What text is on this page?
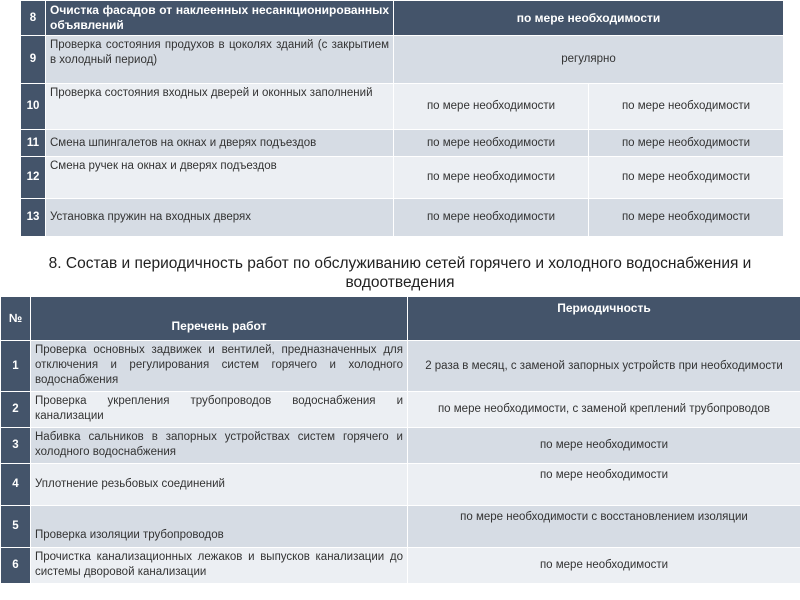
8	Очистка фасадов от наклеенных несанкционированных объявлений	по мере необходимости	
9	Проверка состояния продухов в цоколях зданий (с закрытием в холодный период)	регулярно	
10	Проверка состояния входных дверей и оконных заполнений	по мере необходимости	по мере необходимости
11	Смена шпингалетов на окнах и дверях подъездов	по мере необходимости	по мере необходимости
12	Смена ручек на окнах и дверях подъездов	по мере необходимости	по мере необходимости
13	Установка пружин на входных дверях	по мере необходимости	по мере необходимости
8. Состав и периодичность работ по обслуживанию сетей горячего и холодного водоснабжения и водоотведения
№	Перечень работ	Периодичность
1	Проверка основных задвижек и вентилей, предназначенных для отключения и регулирования систем горячего и холодного водоснабжения	2 раза в месяц, с заменой запорных устройств при необходимости
2	Проверка укрепления трубопроводов водоснабжения и канализации	по мере необходимости, с заменой креплений трубопроводов
3	Набивка сальников в запорных устройствах систем горячего и холодного водоснабжения	по мере необходимости
4	Уплотнение резьбовых соединений	по мере необходимости
5	Проверка изоляции трубопроводов	по мере необходимости с восстановлением изоляции
6	Прочистка канализационных лежаков и выпусков канализации до системы дворовой канализации	по мере необходимости
